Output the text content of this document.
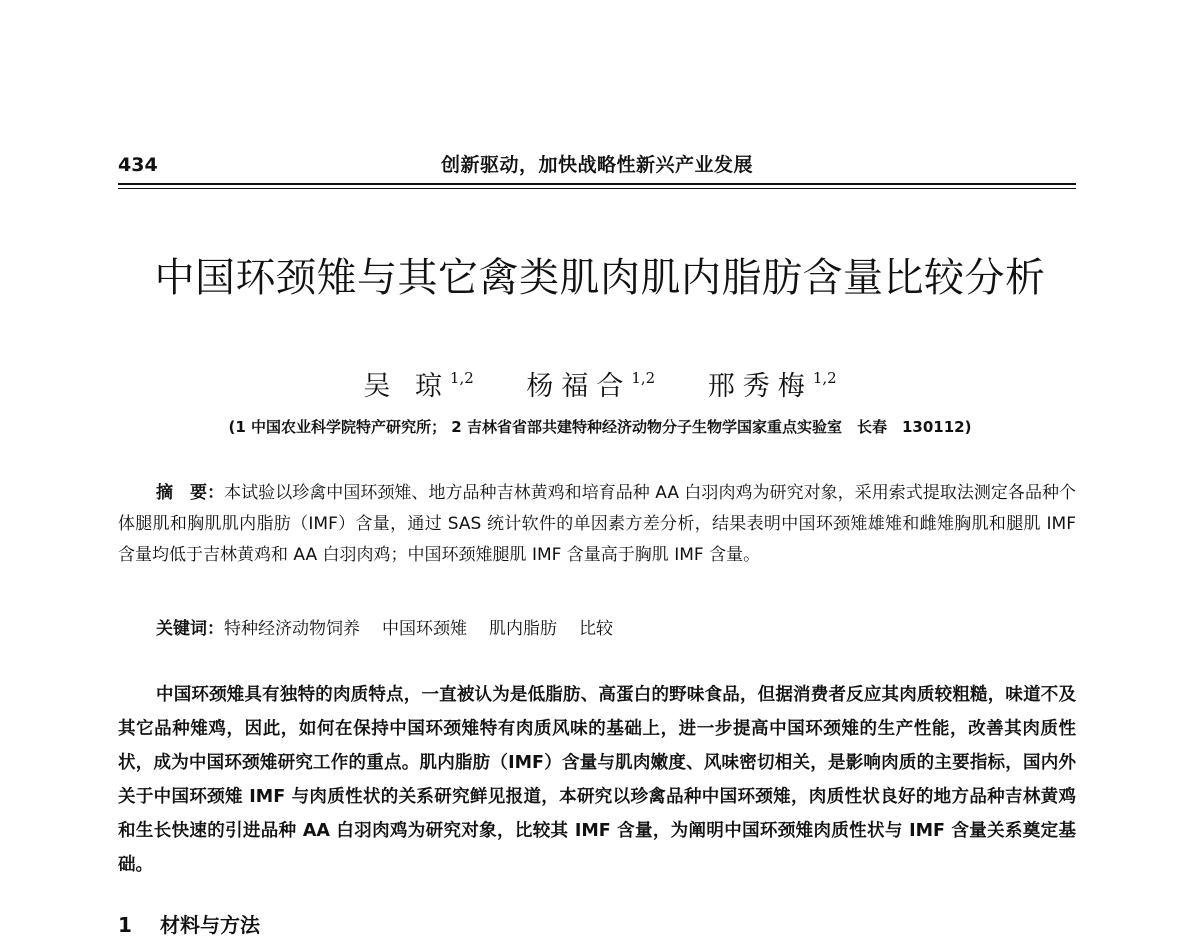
434	创新驱动，加快战略性新兴产业发展
中国环颈雉与其它禽类肌肉肌内脂肪含量比较分析
吴 琼$^{1,2}$ 杨福合$^{1,2}$ 邢秀梅$^{1,2}$
(1 中国农业科学院特产研究所； 2 吉林省省部共建特种经济动物分子生物学国家重点实验室　长春　130112)
摘　要：本试验以珍禽中国环颈雉、地方品种吉林黄鸡和培育品种 AA 白羽肉鸡为研究对象，采用索式提取法测定各品种个体腿肌和胸肌肌内脂肪（IMF）含量，通过 SAS 统计软件的单因素方差分析，结果表明中国环颈雉雄雉和雌雉胸肌和腿肌 IMF 含量均低于吉林黄鸡和 AA 白羽肉鸡；中国环颈雉腿肌 IMF 含量高于胸肌 IMF 含量。
关键词：特种经济动物饲养 中国环颈雉 肌内脂肪 比较
中国环颈雉具有独特的肉质特点，一直被认为是低脂肪、高蛋白的野味食品，但据消费者反应其肉质较粗糙，味道不及其它品种雉鸡，因此，如何在保持中国环颈雉特有肉质风味的基础上，进一步提高中国环颈雉的生产性能，改善其肉质性状，成为中国环颈雉研究工作的重点。肌内脂肪（IMF）含量与肌肉嫩度、风味密切相关，是影响肉质的主要指标，国内外关于中国环颈雉 IMF 与肉质性状的关系研究鲜见报道，本研究以珍禽品种中国环颈雉，肉质性状良好的地方品种吉林黄鸡和生长快速的引进品种 AA 白羽肉鸡为研究对象，比较其 IMF 含量，为阐明中国环颈雉肉质性状与 IMF 含量关系奠定基础。
1 材料与方法
